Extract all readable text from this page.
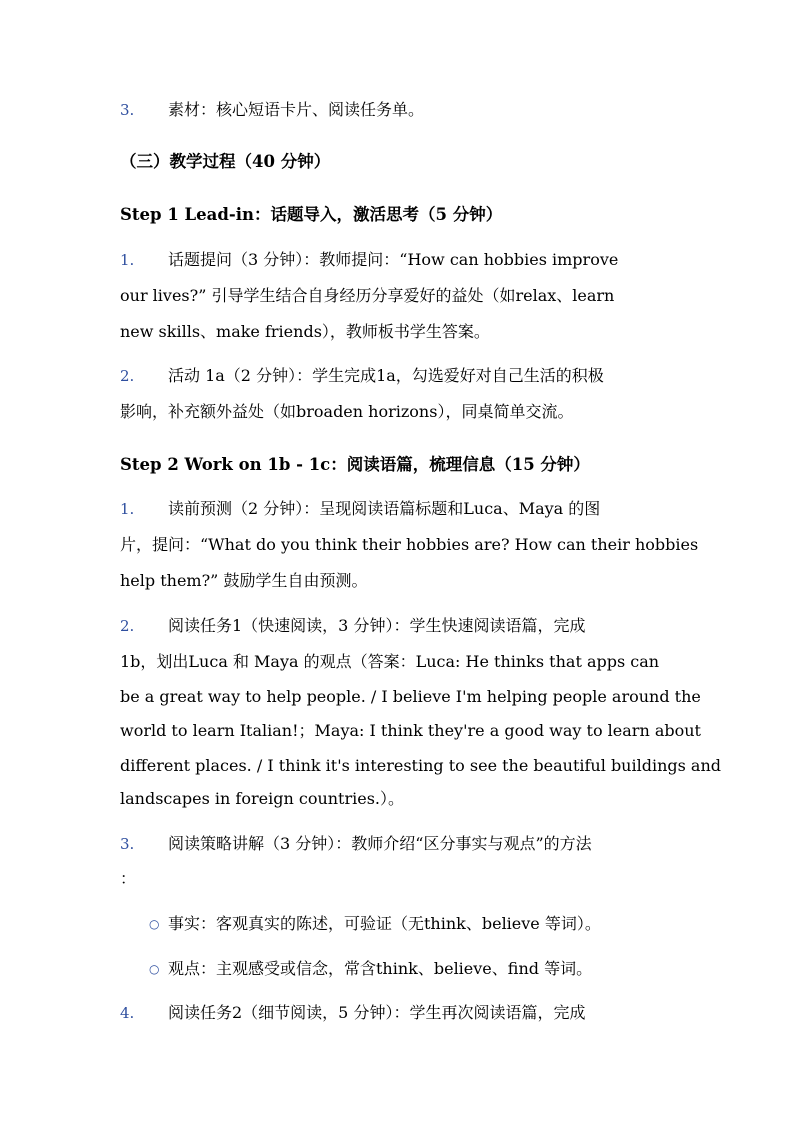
3. 素材：核心短语卡片、阅读任务单。
（三）教学过程（40 分钟）
Step 1 Lead-in：话题导入，激活思考（5 分钟）
1. 话题提问（3 分钟）：教师提问：“How can hobbies improve
our lives?” 引导学生结合自身经历分享爱好的益处（如relax、learn
new skills、make friends），教师板书学生答案。
2. 活动 1a（2 分钟）：学生完成1a，勾选爱好对自己生活的积极
影响，补充额外益处（如broaden horizons），同桌简单交流。
Step 2 Work on 1b - 1c：阅读语篇，梳理信息（15 分钟）
1. 读前预测（2 分钟）：呈现阅读语篇标题和Luca、Maya 的图
片，提问：“What do you think their hobbies are? How can their hobbies
help them?” 鼓励学生自由预测。
2. 阅读任务1（快速阅读，3 分钟）：学生快速阅读语篇，完成
1b，划出Luca 和 Maya 的观点（答案：Luca: He thinks that apps can
be a great way to help people. / I believe I'm helping people around the
world to learn Italian!；Maya: I think they're a good way to learn about
different places. / I think it's interesting to see the beautiful buildings and
landscapes in foreign countries.）。
3. 阅读策略讲解（3 分钟）：教师介绍“区分事实与观点”的方法
：
○ 事实：客观真实的陈述，可验证（无think、believe 等词）。
○ 观点：主观感受或信念，常含think、believe、find 等词。
4. 阅读任务2（细节阅读，5 分钟）：学生再次阅读语篇，完成
